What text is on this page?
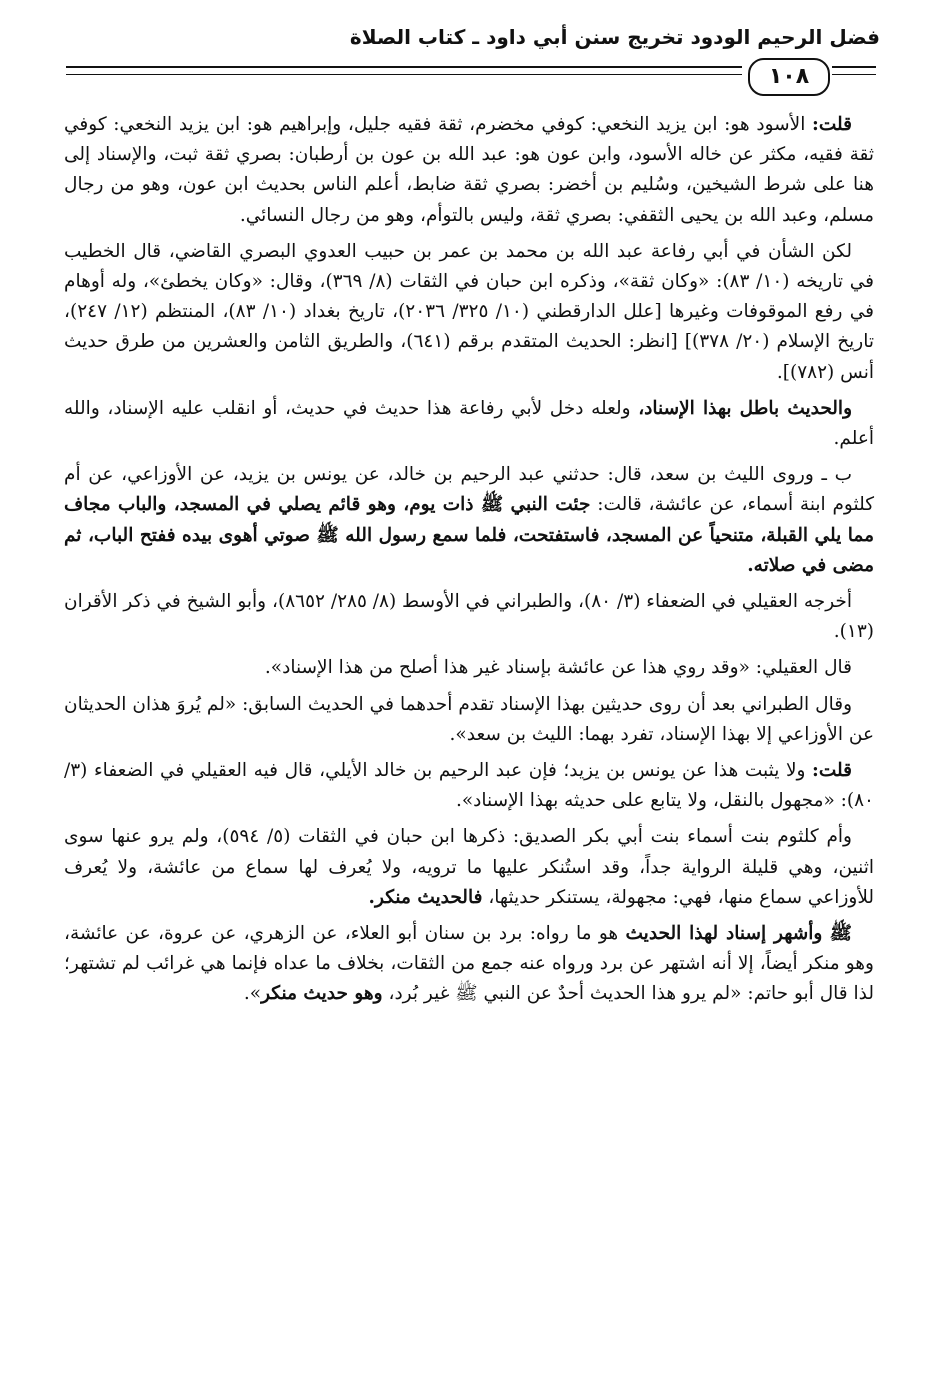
فضل الرحيم الودود تخريج سنن أبي داود ـ كتاب الصلاة
١٠٨

قلت: الأسود هو: ابن يزيد النخعي: كوفي مخضرم، ثقة فقيه جليل، وإبراهيم هو: ابن يزيد النخعي: كوفي ثقة فقيه، مكثر عن خاله الأسود، وابن عون هو: عبد الله بن عون بن أرطبان: بصري ثقة ثبت، والإسناد إلى هنا على شرط الشيخين، وسُليم بن أخضر: بصري ثقة ضابط، أعلم الناس بحديث ابن عون، وهو من رجال مسلم، وعبد الله بن يحيى الثقفي: بصري ثقة، وليس بالتوأم، وهو من رجال النسائي.

لكن الشأن في أبي رفاعة عبد الله بن محمد بن عمر بن حبيب العدوي البصري القاضي، قال الخطيب في تاريخه (١٠/ ٨٣): «وكان ثقة»، وذكره ابن حبان في الثقات (٨/ ٣٦٩)، وقال: «وكان يخطئ»، وله أوهام في رفع الموقوفات وغيرها [علل الدارقطني (١٠/ ٣٢٥/ ٢٠٣٦)، تاريخ بغداد (١٠/ ٨٣)، المنتظم (١٢/ ٢٤٧)، تاريخ الإسلام (٢٠/ ٣٧٨)] [انظر: الحديث المتقدم برقم (٦٤١)، والطريق الثامن والعشرين من طرق حديث أنس (٧٨٢)].

والحديث باطل بهذا الإسناد، ولعله دخل لأبي رفاعة هذا حديث في حديث، أو انقلب عليه الإسناد، والله أعلم.

ب ـ وروى الليث بن سعد، قال: حدثني عبد الرحيم بن خالد، عن يونس بن يزيد، عن الأوزاعي، عن أم كلثوم ابنة أسماء، عن عائشة، قالت: جئت النبي ﷺ ذات يوم، وهو قائم يصلي في المسجد، والباب مجاف مما يلي القبلة، متنحياً عن المسجد، فاستفتحت، فلما سمع رسول الله ﷺ صوتي أهوى بيده ففتح الباب، ثم مضى في صلاته.

أخرجه العقيلي في الضعفاء (٣/ ٨٠)، والطبراني في الأوسط (٨/ ٢٨٥/ ٨٦٥٢)، وأبو الشيخ في ذكر الأقران (١٣).

قال العقيلي: «وقد روي هذا عن عائشة بإسناد غير هذا أصلح من هذا الإسناد».

وقال الطبراني بعد أن روى حديثين بهذا الإسناد تقدم أحدهما في الحديث السابق: «لم يُروَ هذان الحديثان عن الأوزاعي إلا بهذا الإسناد، تفرد بهما: الليث بن سعد».

قلت: ولا يثبت هذا عن يونس بن يزيد؛ فإن عبد الرحيم بن خالد الأيلي، قال فيه العقيلي في الضعفاء (٣/ ٨٠): «مجهول بالنقل، ولا يتابع على حديثه بهذا الإسناد».

وأم كلثوم بنت أسماء بنت أبي بكر الصديق: ذكرها ابن حبان في الثقات (٥/ ٥٩٤)، ولم يرو عنها سوى اثنين، وهي قليلة الرواية جداً، وقد استُنكر عليها ما ترويه، ولا يُعرف لها سماع من عائشة، ولا يُعرف للأوزاعي سماع منها، فهي: مجهولة، يستنكر حديثها، فالحديث منكر.

ﷺ وأشهر إسناد لهذا الحديث هو ما رواه: برد بن سنان أبو العلاء، عن الزهري، عن عروة، عن عائشة، وهو منكر أيضاً، إلا أنه اشتهر عن برد ورواه عنه جمع من الثقات، بخلاف ما عداه فإنما هي غرائب لم تشتهر؛ لذا قال أبو حاتم: «لم يرو هذا الحديث أحدٌ عن النبي ﷺ غير بُرد، وهو حديث منكر».
